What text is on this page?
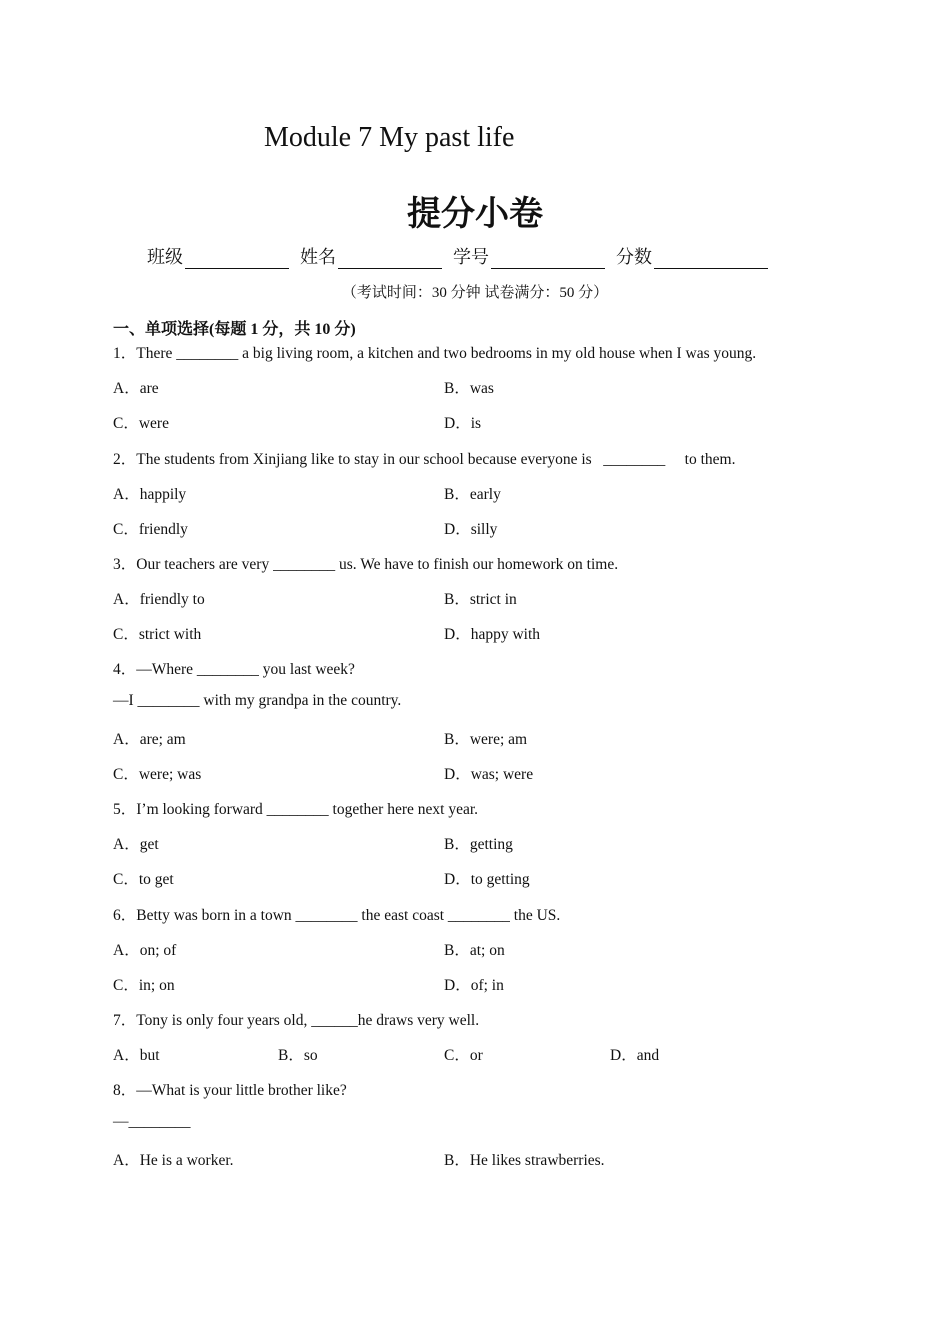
Module 7 My past life
提分小卷
班级	姓名	学号	分数
（考试时间：30 分钟 试卷满分：50 分）
一、单项选择(每题 1 分，共 10 分)
1．There ________ a big living room, a kitchen and two bedrooms in my old house when I was young.
A．are	B．was
C．were	D．is
2．The students from Xinjiang like to stay in our school because everyone is   ________     to them.
A．happily	B．early
C．friendly	D．silly
3．Our teachers are very ________ us. We have to finish our homework on time.
A．friendly to	B．strict in
C．strict with	D．happy with
4．—Where ________ you last week?
—I ________ with my grandpa in the country.
A．are; am	B．were; am
C．were; was	D．was; were
5．I’m looking forward ________ together here next year.
A．get	B．getting
C．to get	D．to getting
6．Betty was born in a town ________ the east coast ________ the US.
A．on; of	B．at; on
C．in; on	D．of; in
7．Tony is only four years old, ______he draws very well.
A．but	B．so	C．or	D．and
8．—What is your little brother like?
—________
A．He is a worker.	B．He likes strawberries.
